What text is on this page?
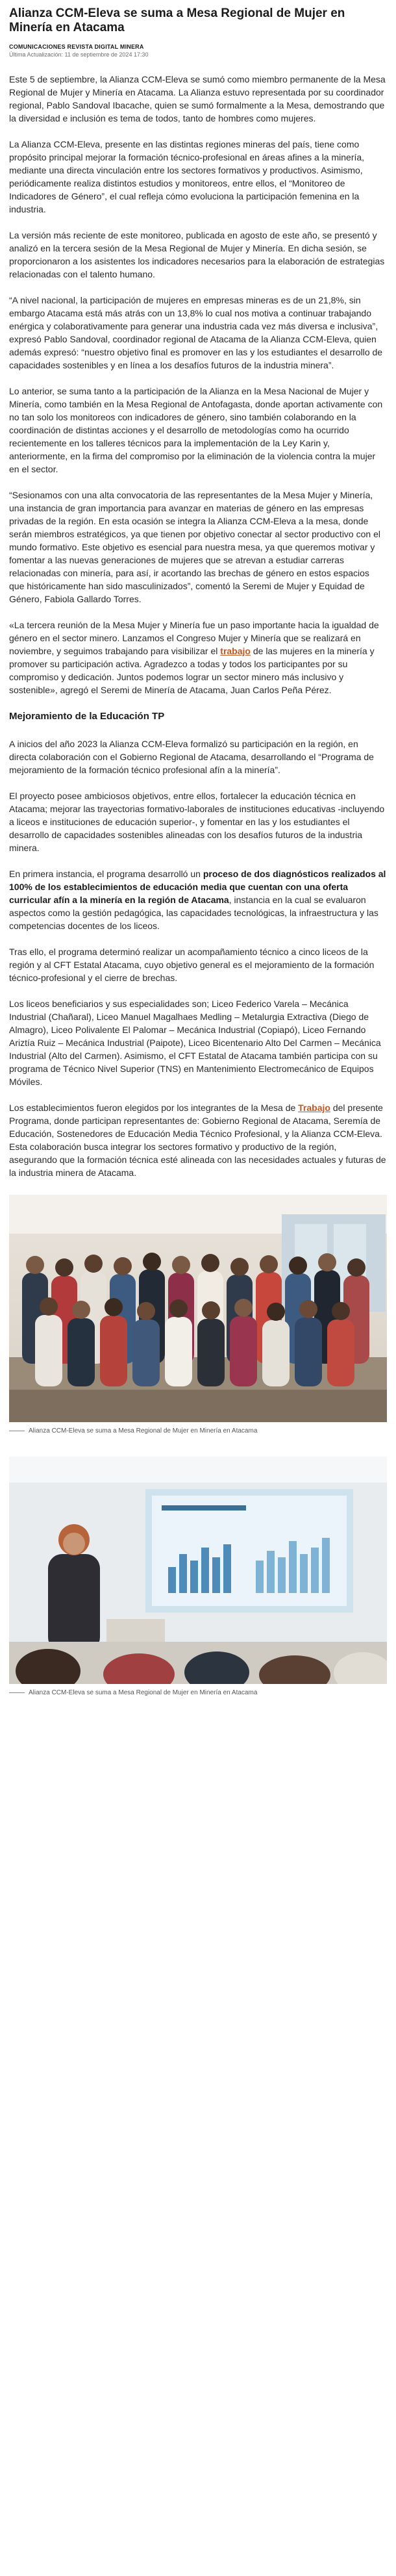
Alianza CCM-Eleva se suma a Mesa Regional de Mujer en Minería en Atacama
COMUNICACIONES REVISTA DIGITAL MINERA
Última Actualización: 11 de septiembre de 2024 17:30

Este 5 de septiembre, la Alianza CCM-Eleva se sumó como miembro permanente de la Mesa Regional de Mujer y Minería en Atacama. La Alianza estuvo representada por su coordinador regional, Pablo Sandoval Ibacache, quien se sumó formalmente a la Mesa, demostrando que la diversidad e inclusión es tema de todos, tanto de hombres como mujeres.

La Alianza CCM-Eleva, presente en las distintas regiones mineras del país, tiene como propósito principal mejorar la formación técnico-profesional en áreas afines a la minería, mediante una directa vinculación entre los sectores formativos y productivos. Asimismo, periódicamente realiza distintos estudios y monitoreos, entre ellos, el “Monitoreo de Indicadores de Género”, el cual refleja cómo evoluciona la participación femenina en la industria.

La versión más reciente de este monitoreo, publicada en agosto de este año, se presentó y analizó en la tercera sesión de la Mesa Regional de Mujer y Minería. En dicha sesión, se proporcionaron a los asistentes los indicadores necesarios para la elaboración de estrategias relacionadas con el talento humano.

“A nivel nacional, la participación de mujeres en empresas mineras es de un 21,8%, sin embargo Atacama está más atrás con un 13,8% lo cual nos motiva a continuar trabajando enérgica y colaborativamente para generar una industria cada vez más diversa e inclusiva”, expresó Pablo Sandoval, coordinador regional de Atacama de la Alianza CCM-Eleva, quien además expresó: “nuestro objetivo final es promover en las y los estudiantes el desarrollo de capacidades sostenibles y en línea a los desafíos futuros de la industria minera”.

Lo anterior, se suma tanto a la participación de la Alianza en la Mesa Nacional de Mujer y Minería, como también en la Mesa Regional de Antofagasta, donde aportan activamente con no tan solo los monitoreos con indicadores de género, sino también colaborando en la coordinación de distintas acciones y el desarrollo de metodologías como ha ocurrido recientemente en los talleres técnicos para la implementación de la Ley Karin y, anteriormente, en la firma del compromiso por la eliminación de la violencia contra la mujer en el sector.

“Sesionamos con una alta convocatoria de las representantes de la Mesa Mujer y Minería, una instancia de gran importancia para avanzar en materias de género en las empresas privadas de la región. En esta ocasión se integra la Alianza CCM-Eleva a la mesa, donde serán miembros estratégicos, ya que tienen por objetivo conectar al sector productivo con el mundo formativo. Este objetivo es esencial para nuestra mesa, ya que queremos motivar y fomentar a las nuevas generaciones de mujeres que se atrevan a estudiar carreras relacionadas con minería, para así, ir acortando las brechas de género en estos espacios que históricamente han sido masculinizados”, comentó la Seremi de Mujer y Equidad de Género, Fabiola Gallardo Torres.

«La tercera reunión de la Mesa Mujer y Minería fue un paso importante hacia la igualdad de género en el sector minero. Lanzamos el Congreso Mujer y Minería que se realizará en noviembre, y seguimos trabajando para visibilizar el trabajo de las mujeres en la minería y promover su participación activa. Agradezco a todas y todos los participantes por su compromiso y dedicación. Juntos podemos lograr un sector minero más inclusivo y sostenible», agregó el Seremi de Minería de Atacama, Juan Carlos Peña Pérez.

Mejoramiento de la Educación TP

A inicios del año 2023 la Alianza CCM-Eleva formalizó su participación en la región, en directa colaboración con el Gobierno Regional de Atacama, desarrollando el “Programa de mejoramiento de la formación técnico profesional afín a la minería”.

El proyecto posee ambiciosos objetivos, entre ellos, fortalecer la educación técnica en Atacama; mejorar las trayectorias formativo-laborales de instituciones educativas -incluyendo a liceos e instituciones de educación superior-, y fomentar en las y los estudiantes el desarrollo de capacidades sostenibles alineadas con los desafíos futuros de la industria minera.

En primera instancia, el programa desarrolló un proceso de dos diagnósticos realizados al 100% de los establecimientos de educación media que cuentan con una oferta curricular afín a la minería en la región de Atacama, instancia en la cual se evaluaron aspectos como la gestión pedagógica, las capacidades tecnológicas, la infraestructura y las competencias docentes de los liceos.

Tras ello, el programa determinó realizar un acompañamiento técnico a cinco liceos de la región y al CFT Estatal Atacama, cuyo objetivo general es el mejoramiento de la formación técnico-profesional y el cierre de brechas.

Los liceos beneficiarios y sus especialidades son; Liceo Federico Varela – Mecánica Industrial (Chañaral), Liceo Manuel Magalhaes Medling – Metalurgia Extractiva (Diego de Almagro), Liceo Polivalente El Palomar – Mecánica Industrial (Copiapó), Liceo Fernando Ariztía Ruiz – Mecánica Industrial (Paipote), Liceo Bicentenario Alto Del Carmen – Mecánica Industrial (Alto del Carmen). Asimismo, el CFT Estatal de Atacama también participa con su programa de Técnico Nivel Superior (TNS) en Mantenimiento Electromecánico de Equipos Móviles.

Los establecimientos fueron elegidos por los integrantes de la Mesa de Trabajo del presente Programa, donde participan representantes de: Gobierno Regional de Atacama, Seremía de Educación, Sostenedores de Educación Media Técnico Profesional, y la Alianza CCM-Eleva. Esta colaboración busca integrar los sectores formativo y productivo de la región, asegurando que la formación técnica esté alineada con las necesidades actuales y futuras de la industria minera de Atacama.

Alianza CCM-Eleva se suma a Mesa Regional de Mujer en Minería en Atacama
Alianza CCM-Eleva se suma a Mesa Regional de Mujer en Minería en Atacama
